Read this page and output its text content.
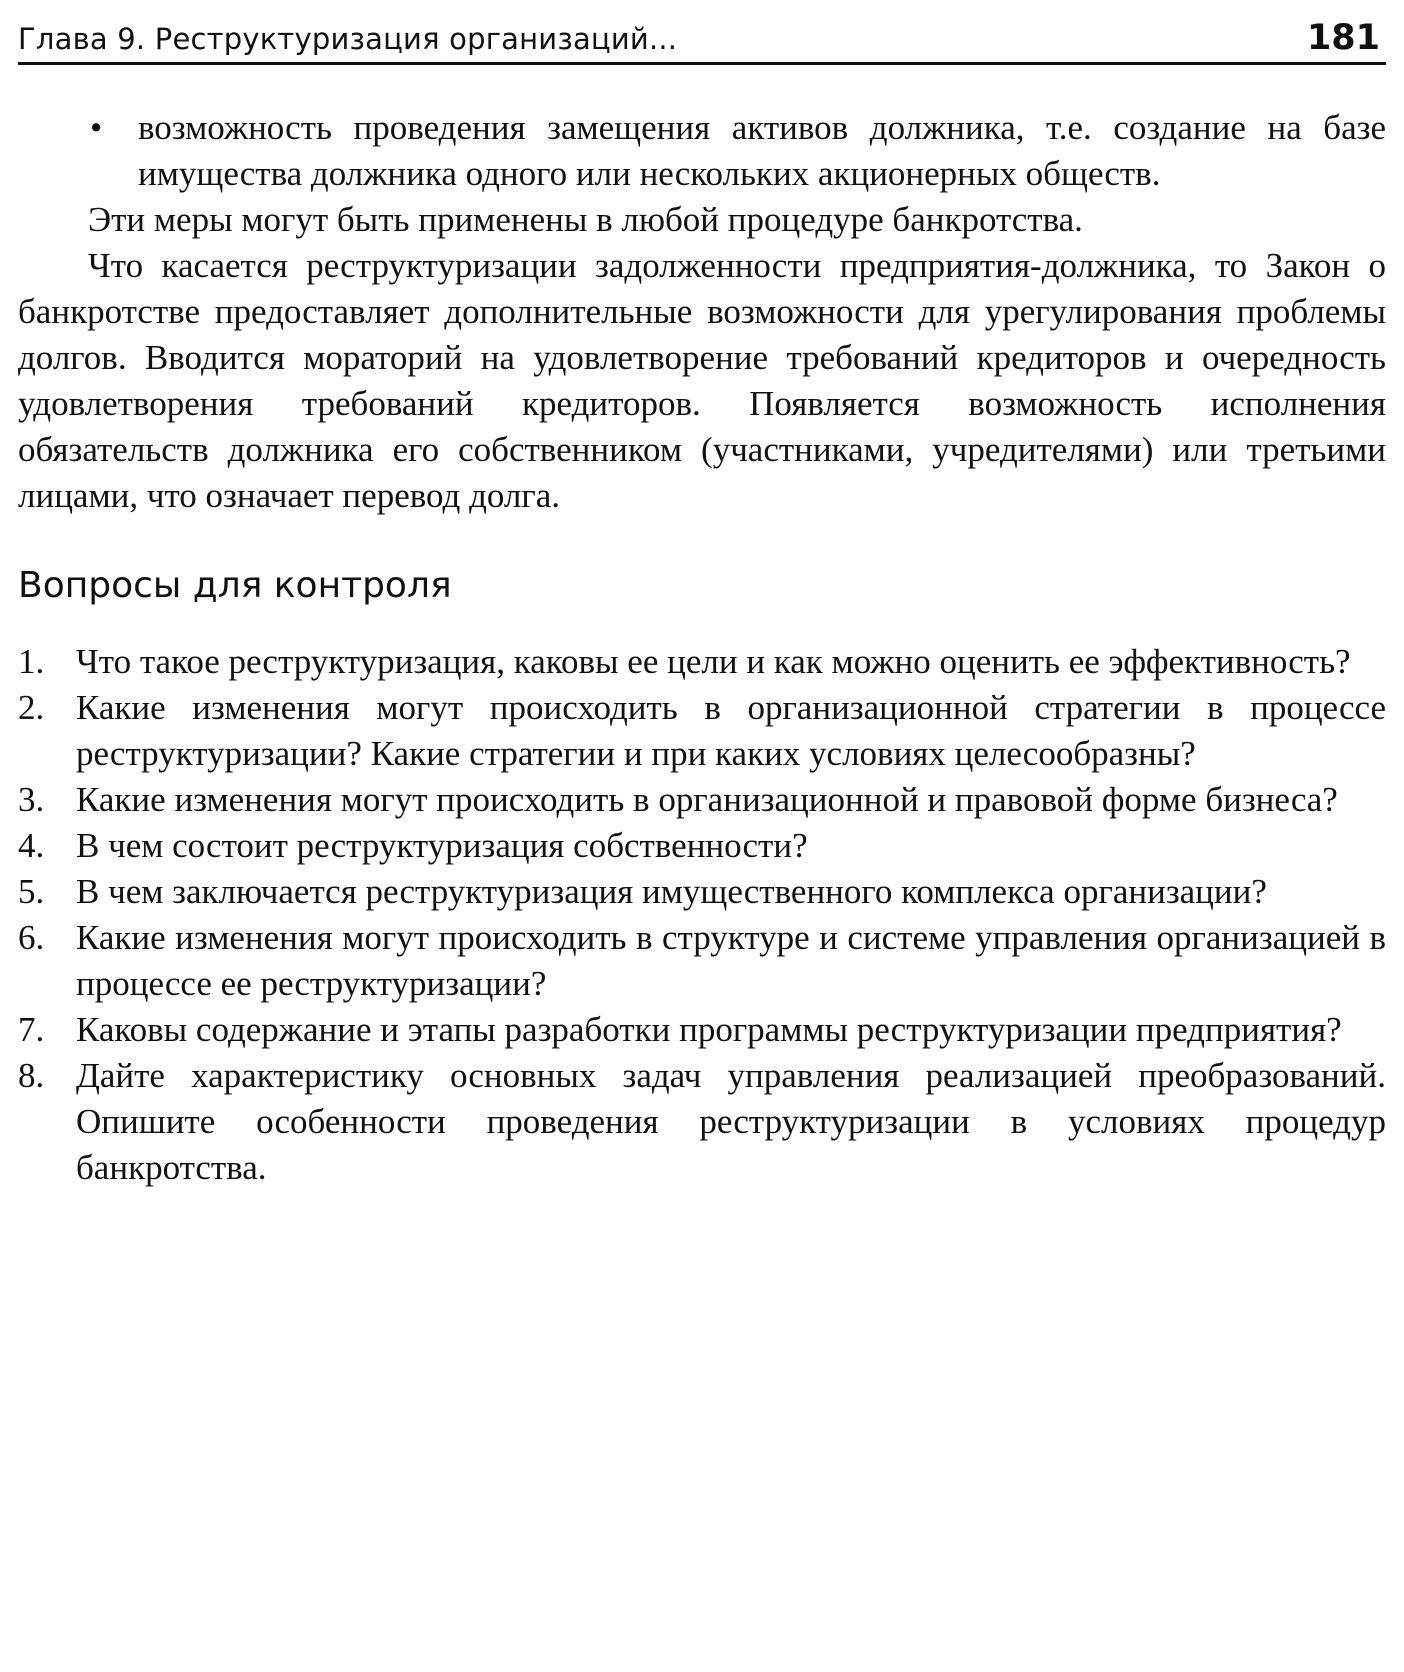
Глава 9. Реструктуризация организаций...	181
• возможность проведения замещения активов должника, т.е. создание на базе имущества должника одного или нескольких акционерных обществ.

Эти меры могут быть применены в любой процедуре банкротства.

Что касается реструктуризации задолженности предприятия-должника, то Закон о банкротстве предоставляет дополнительные возможности для урегулирования проблемы долгов. Вводится мораторий на удовлетворение требований кредиторов и очередность удовлетворения требований кредиторов. Появляется возможность исполнения обязательств должника его собственником (участниками, учредителями) или третьими лицами, что означает перевод долга.

Вопросы для контроля
1. Что такое реструктуризация, каковы ее цели и как можно оценить ее эффективность?
2. Какие изменения могут происходить в организационной стратегии в процессе реструктуризации? Какие стратегии и при каких условиях целесообразны?
3. Какие изменения могут происходить в организационной и правовой форме бизнеса?
4. В чем состоит реструктуризация собственности?
5. В чем заключается реструктуризация имущественного комплекса организации?
6. Какие изменения могут происходить в структуре и системе управления организацией в процессе ее реструктуризации?
7. Каковы содержание и этапы разработки программы реструктуризации предприятия?
8. Дайте характеристику основных задач управления реализацией преобразований. Опишите особенности проведения реструктуризации в условиях процедур банкротства.
